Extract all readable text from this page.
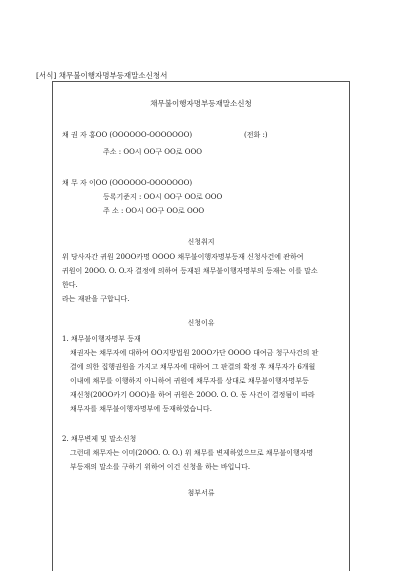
[서식] 채무불이행자명부등재말소신청서
채무불이행자명부등재말소신청
채 권 자 홍OO (OOOOOO-OOOOOOO)	(전화 :)
주소 : OO시 OO구 OO로 OOO
채 무 자 이OO (OOOOOO-OOOOOOO)
등록기준지 : OO시 OO구 OO로 OOO
주 소 : OO시 OO구 OO로 OOO
신청취지
위 당사자간 귀원 20OO카명 OOOO 채무불이행자명부등재 신청사건에 관하여
귀원이 20OO. O. O.자 결정에 의하여 등재된 채무불이행자명부의 등재는 이를 말소
한다.
라는 재판을 구합니다.
신청이유
1. 채무불이행자명부 등재
채권자는 채무자에 대하여 OO지방법원 20OO가단 OOOO 대여금 청구사건의 판
결에 의한 집행권원을 가지고 채무자에 대하여 그 판결의 확정 후 채무자가 6개월
이내에 채무를 이행하지 아니하여 귀원에 채무자를 상대로 채무불이행자명부등
재신청(20OO카기 OOO)을 하여 귀원은 20OO. O. O. 동 사건이 결정됨이 따라
채무자를 채무불이행자명부에 등재하였습니다.
2. 채무변제 및 말소신청
그런데 채무자는 이미(20OO. O. O.) 위 채무를 변제하였으므로 채무불이행자명
부등재의 말소를 구하기 위하여 이건 신청을 하는 바입니다.
첨부서류
